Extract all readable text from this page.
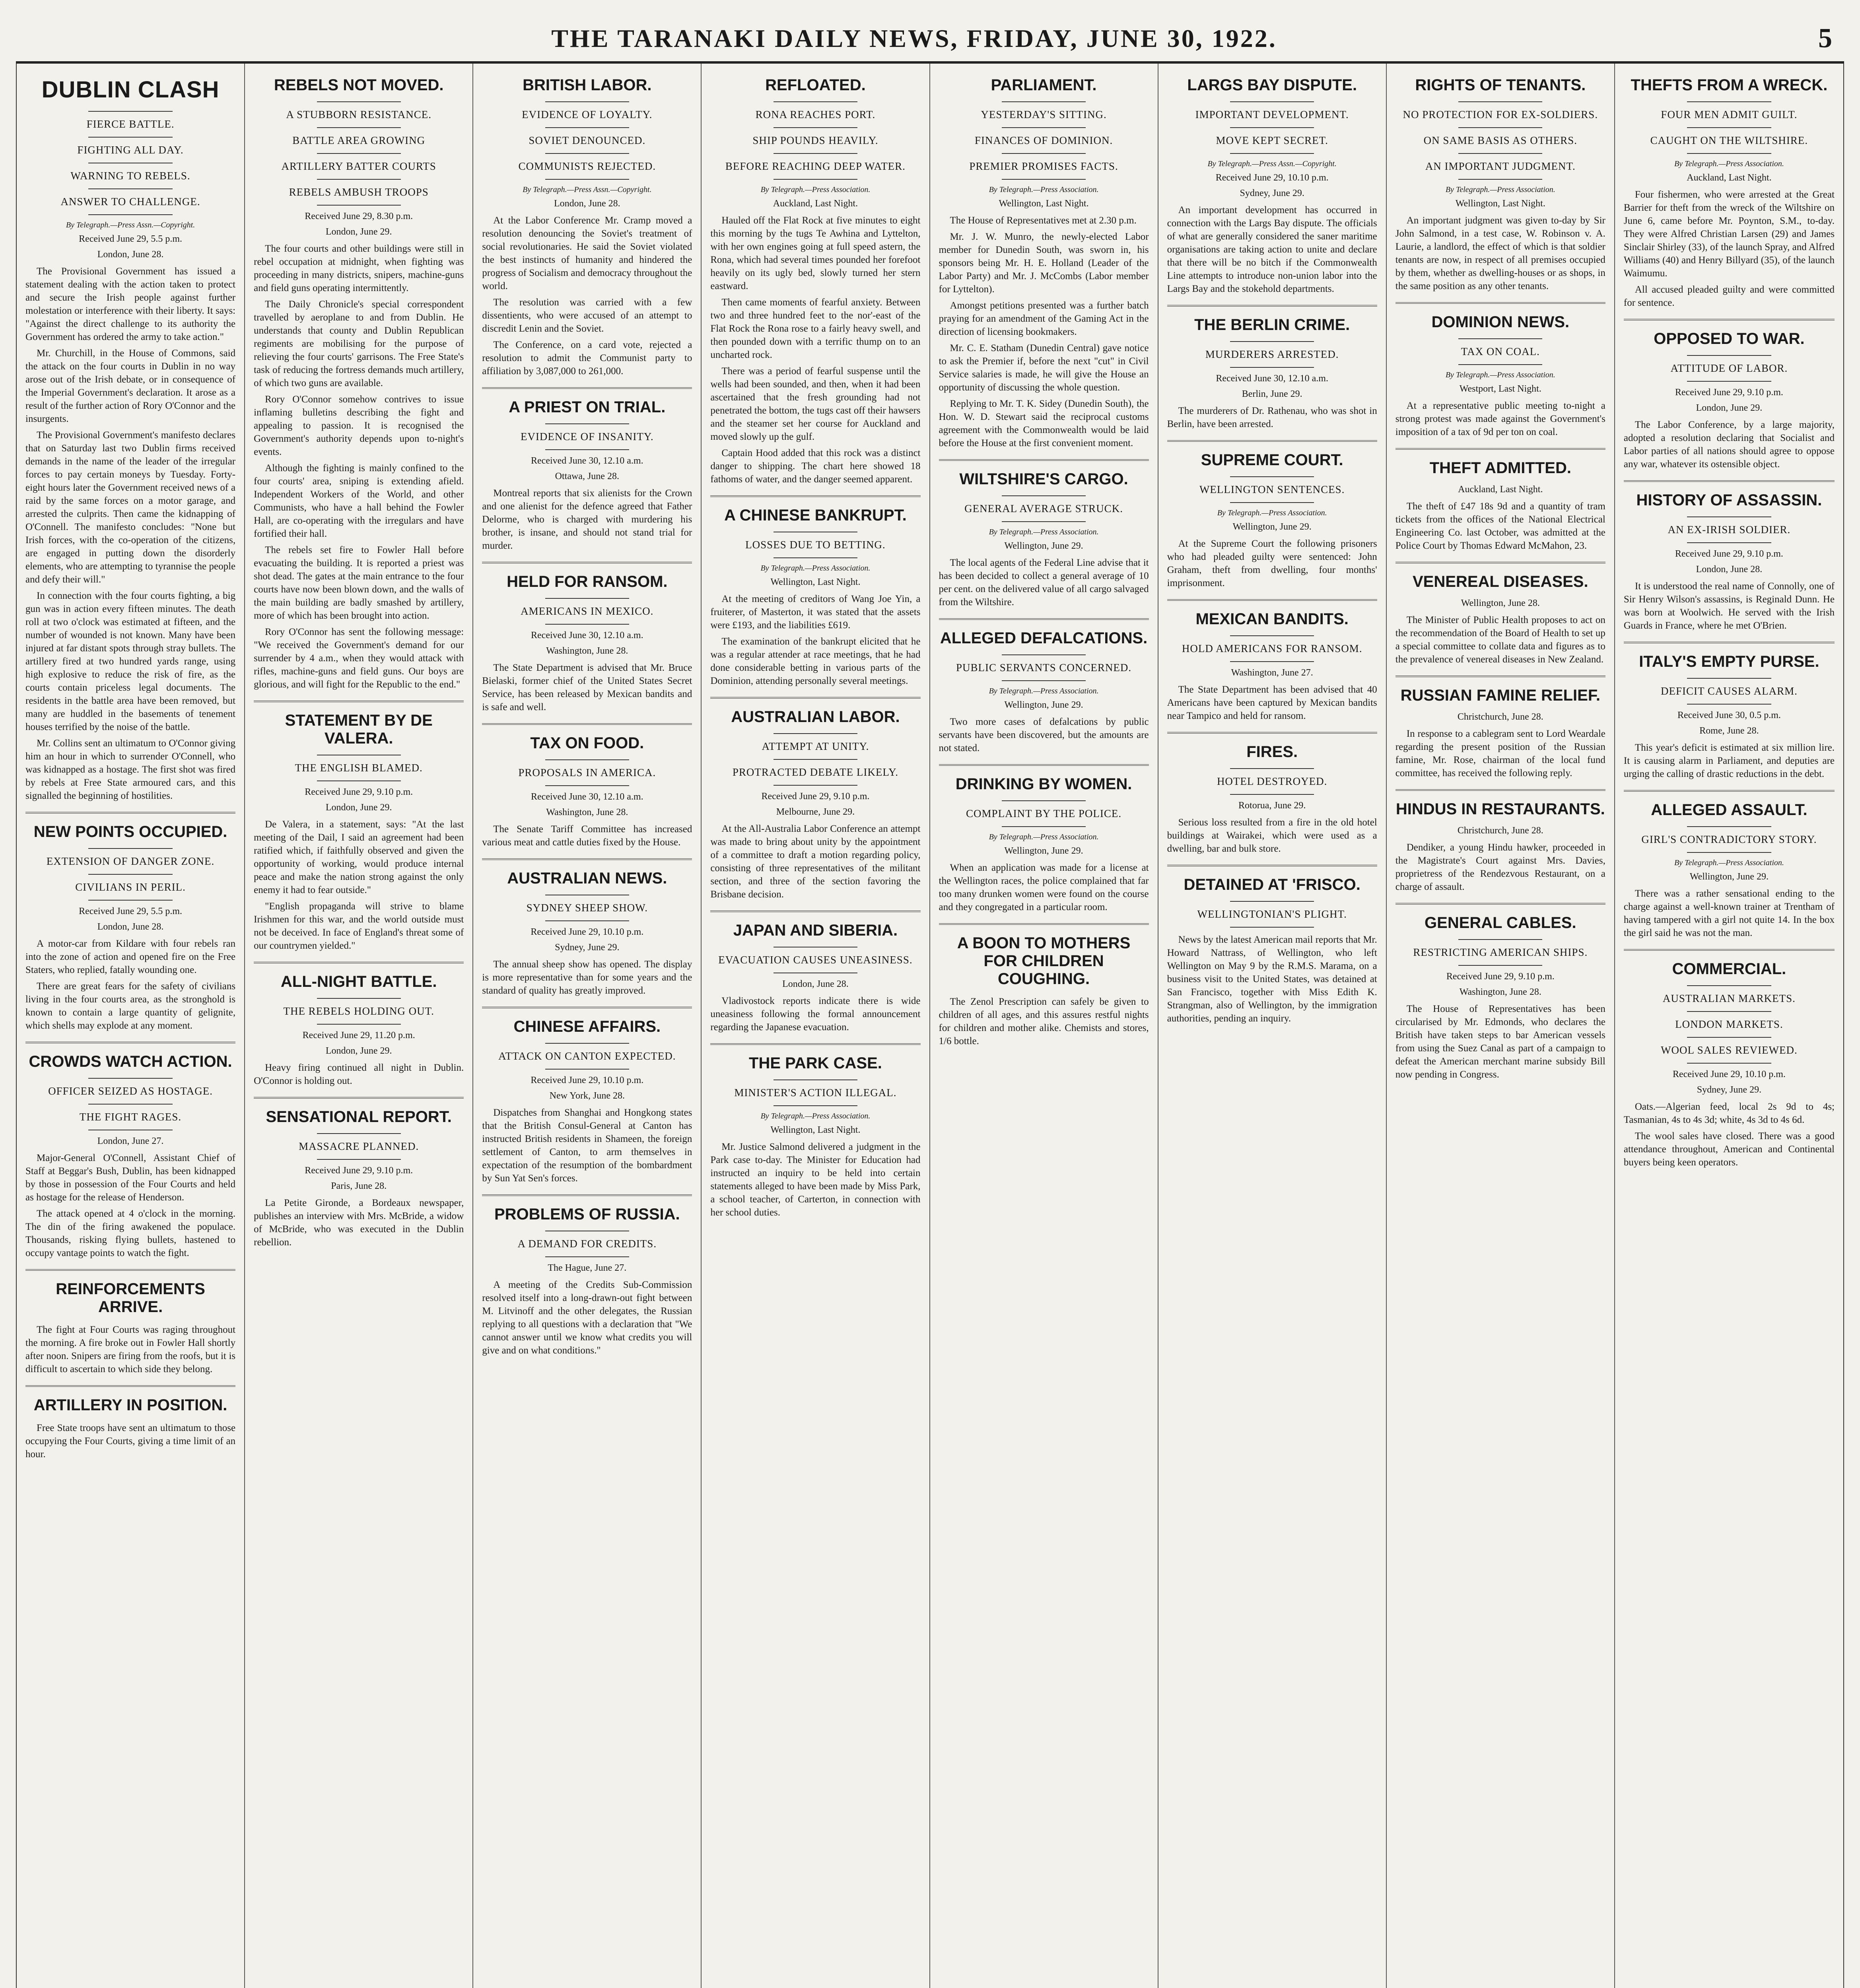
THE TARANAKI DAILY NEWS, FRIDAY, JUNE 30, 1922.	5
DUBLIN CLASH
FIERCE BATTLE.
FIGHTING ALL DAY.
WARNING TO REBELS.
ANSWER TO CHALLENGE.
By Telegraph.—Press Assn.—Copyright.
Received June 29, 5.5 p.m.
London, June 28.

The Provisional Government has issued a statement dealing with the action taken to protect and secure the Irish people against further molestation or interference with their liberty. It says: "Against the direct challenge to its authority the Government has ordered the army to take action."

Mr. Churchill, in the House of Commons, said the attack on the four courts in Dublin in no way arose out of the Irish debate, or in consequence of the Imperial Government's declaration. It arose as a result of the further action of Rory O'Connor and the insurgents.

The Provisional Government's manifesto declares that on Saturday last two Dublin firms received demands in the name of the leader of the irregular forces to pay certain moneys by Tuesday. Forty-eight hours later the Government received news of a raid by the same forces on a motor garage, and arrested the culprits. Then came the kidnapping of O'Connell. The manifesto concludes: "None but Irish forces, with the co-operation of the citizens, are engaged in putting down the disorderly elements, who are attempting to tyrannise the people and defy their will."

In connection with the four courts fighting, a big gun was in action every fifteen minutes. The death roll at two o'clock was estimated at fifteen, and the number of wounded is not known. Many have been injured at far distant spots through stray bullets. The artillery fired at two hundred yards range, using high explosive to reduce the risk of fire, as the courts contain priceless legal documents. The residents in the battle area have been removed, but many are huddled in the basements of tenement houses terrified by the noise of the battle.

Mr. Collins sent an ultimatum to O'Connor giving him an hour in which to surrender O'Connell, who was kidnapped as a hostage. The first shot was fired by rebels at Free State armoured cars, and this signalled the beginning of hostilities.

NEW POINTS OCCUPIED.
EXTENSION OF DANGER ZONE.
CIVILIANS IN PERIL.
Received June 29, 5.5 p.m.
London, June 28.

A motor-car from Kildare with four rebels ran into the zone of action and opened fire on the Free Staters, who replied, fatally wounding one.

There are great fears for the safety of civilians living in the four courts area, as the stronghold is known to contain a large quantity of gelignite, which shells may explode at any moment.

CROWDS WATCH ACTION.
OFFICER SEIZED AS HOSTAGE.
THE FIGHT RAGES.
London, June 27.

Major-General O'Connell, Assistant Chief of Staff at Beggar's Bush, Dublin, has been kidnapped by those in possession of the Four Courts and held as hostage for the release of Henderson.

The attack opened at 4 o'clock in the morning. The din of the firing awakened the populace. Thousands, risking flying bullets, hastened to occupy vantage points to watch the fight.

REINFORCEMENTS ARRIVE.

The fight at Four Courts was raging throughout the morning. A fire broke out in Fowler Hall shortly after noon. Snipers are firing from the roofs, but it is difficult to ascertain to which side they belong.

ARTILLERY IN POSITION.

Free State troops have sent an ultimatum to those occupying the Four Courts, giving a time limit of an hour.

REBELS NOT MOVED.
A STUBBORN RESISTANCE.
BATTLE AREA GROWING
ARTILLERY BATTER COURTS
REBELS AMBUSH TROOPS
Received June 29, 8.30 p.m.
London, June 29.

The four courts and other buildings were still in rebel occupation at midnight, when fighting was proceeding in many districts, snipers, machine-guns and field guns operating intermittently.

The Daily Chronicle's special correspondent travelled by aeroplane to and from Dublin. He understands that county and Dublin Republican regiments are mobilising for the purpose of relieving the four courts' garrisons. The Free State's task of reducing the fortress demands much artillery, of which two guns are available.

Rory O'Connor somehow contrives to issue inflaming bulletins describing the fight and appealing to passion. It is recognised the Government's authority depends upon to-night's events.

Although the fighting is mainly confined to the four courts' area, sniping is extending afield. Independent Workers of the World, and other Communists, who have a hall behind the Fowler Hall, are co-operating with the irregulars and have fortified their hall.

The rebels set fire to Fowler Hall before evacuating the building. It is reported a priest was shot dead. The gates at the main entrance to the four courts have now been blown down, and the walls of the main building are badly smashed by artillery, more of which has been brought into action.

Rory O'Connor has sent the following message: "We received the Government's demand for our surrender by 4 a.m., when they would attack with rifles, machine-guns and field guns. Our boys are glorious, and will fight for the Republic to the end."

STATEMENT BY DE VALERA.
THE ENGLISH BLAMED.
Received June 29, 9.10 p.m.
London, June 29.

De Valera, in a statement, says: "At the last meeting of the Dail, I said an agreement had been ratified which, if faithfully observed and given the opportunity of working, would produce internal peace and make the nation strong against the only enemy it had to fear outside."

"English propaganda will strive to blame Irishmen for this war, and the world outside must not be deceived. In face of England's threat some of our countrymen yielded."

ALL-NIGHT BATTLE.
THE REBELS HOLDING OUT.
Received June 29, 11.20 p.m.
London, June 29.

Heavy firing continued all night in Dublin. O'Connor is holding out.

SENSATIONAL REPORT.
MASSACRE PLANNED.
Received June 29, 9.10 p.m.
Paris, June 28.

La Petite Gironde, a Bordeaux newspaper, publishes an interview with Mrs. McBride, a widow of McBride, who was executed in the Dublin rebellion.

BRITISH LABOR.
EVIDENCE OF LOYALTY.
SOVIET DENOUNCED.
COMMUNISTS REJECTED.
By Telegraph.—Press Assn.—Copyright.
London, June 28.

At the Labor Conference Mr. Cramp moved a resolution denouncing the Soviet's treatment of social revolutionaries. He said the Soviet violated the best instincts of humanity and hindered the progress of Socialism and democracy throughout the world.

The resolution was carried with a few dissentients, who were accused of an attempt to discredit Lenin and the Soviet.

The Conference, on a card vote, rejected a resolution to admit the Communist party to affiliation by 3,087,000 to 261,000.

A PRIEST ON TRIAL.
EVIDENCE OF INSANITY.
Received June 30, 12.10 a.m.
Ottawa, June 28.

Montreal reports that six alienists for the Crown and one alienist for the defence agreed that Father Delorme, who is charged with murdering his brother, is insane, and should not stand trial for murder.

HELD FOR RANSOM.
AMERICANS IN MEXICO.
Received June 30, 12.10 a.m.
Washington, June 28.

The State Department is advised that Mr. Bruce Bielaski, former chief of the United States Secret Service, has been released by Mexican bandits and is safe and well.

TAX ON FOOD.
PROPOSALS IN AMERICA.
Received June 30, 12.10 a.m.
Washington, June 28.

The Senate Tariff Committee has increased various meat and cattle duties fixed by the House.

AUSTRALIAN NEWS.
SYDNEY SHEEP SHOW.
Received June 29, 10.10 p.m.
Sydney, June 29.

The annual sheep show has opened. The display is more representative than for some years and the standard of quality has greatly improved.

CHINESE AFFAIRS.
ATTACK ON CANTON EXPECTED.
Received June 29, 10.10 p.m.
New York, June 28.

Dispatches from Shanghai and Hongkong states that the British Consul-General at Canton has instructed British residents in Shameen, the foreign settlement of Canton, to arm themselves in expectation of the resumption of the bombardment by Sun Yat Sen's forces.

PROBLEMS OF RUSSIA.
A DEMAND FOR CREDITS.
The Hague, June 27.

A meeting of the Credits Sub-Commission resolved itself into a long-drawn-out fight between M. Litvinoff and the other delegates, the Russian replying to all questions with a declaration that "We cannot answer until we know what credits you will give and on what conditions."

REFLOATED.
RONA REACHES PORT.
SHIP POUNDS HEAVILY.
BEFORE REACHING DEEP WATER.
By Telegraph.—Press Association.
Auckland, Last Night.

Hauled off the Flat Rock at five minutes to eight this morning by the tugs Te Awhina and Lyttelton, with her own engines going at full speed astern, the Rona, which had several times pounded her forefoot heavily on its ugly bed, slowly turned her stern eastward.

Then came moments of fearful anxiety. Between two and three hundred feet to the nor'-east of the Flat Rock the Rona rose to a fairly heavy swell, and then pounded down with a terrific thump on to an uncharted rock.

There was a period of fearful suspense until the wells had been sounded, and then, when it had been ascertained that the fresh grounding had not penetrated the bottom, the tugs cast off their hawsers and the steamer set her course for Auckland and moved slowly up the gulf.

Captain Hood added that this rock was a distinct danger to shipping. The chart here showed 18 fathoms of water, and the danger seemed apparent.

A CHINESE BANKRUPT.
LOSSES DUE TO BETTING.
By Telegraph.—Press Association.
Wellington, Last Night.

At the meeting of creditors of Wang Joe Yin, a fruiterer, of Masterton, it was stated that the assets were £193, and the liabilities £619.

The examination of the bankrupt elicited that he was a regular attender at race meetings, that he had done considerable betting in various parts of the Dominion, attending personally several meetings.

AUSTRALIAN LABOR.
ATTEMPT AT UNITY.
PROTRACTED DEBATE LIKELY.
Received June 29, 9.10 p.m.
Melbourne, June 29.

At the All-Australia Labor Conference an attempt was made to bring about unity by the appointment of a committee to draft a motion regarding policy, consisting of three representatives of the militant section, and three of the section favoring the Brisbane decision.

JAPAN AND SIBERIA.
EVACUATION CAUSES UNEASINESS.
London, June 28.

Vladivostock reports indicate there is wide uneasiness following the formal announcement regarding the Japanese evacuation.

THE PARK CASE.
MINISTER'S ACTION ILLEGAL.
By Telegraph.—Press Association.
Wellington, Last Night.

Mr. Justice Salmond delivered a judgment in the Park case to-day. The Minister for Education had instructed an inquiry to be held into certain statements alleged to have been made by Miss Park, a school teacher, of Carterton, in connection with her school duties.

PARLIAMENT.
YESTERDAY'S SITTING.
FINANCES OF DOMINION.
PREMIER PROMISES FACTS.
By Telegraph.—Press Association.
Wellington, Last Night.

The House of Representatives met at 2.30 p.m.

Mr. J. W. Munro, the newly-elected Labor member for Dunedin South, was sworn in, his sponsors being Mr. H. E. Holland (Leader of the Labor Party) and Mr. J. McCombs (Labor member for Lyttelton).

Amongst petitions presented was a further batch praying for an amendment of the Gaming Act in the direction of licensing bookmakers.

Mr. C. E. Statham (Dunedin Central) gave notice to ask the Premier if, before the next "cut" in Civil Service salaries is made, he will give the House an opportunity of discussing the whole question.

Replying to Mr. T. K. Sidey (Dunedin South), the Hon. W. D. Stewart said the reciprocal customs agreement with the Commonwealth would be laid before the House at the first convenient moment.

WILTSHIRE'S CARGO.
GENERAL AVERAGE STRUCK.
By Telegraph.—Press Association.
Wellington, June 29.

The local agents of the Federal Line advise that it has been decided to collect a general average of 10 per cent. on the delivered value of all cargo salvaged from the Wiltshire.

ALLEGED DEFALCATIONS.
PUBLIC SERVANTS CONCERNED.
By Telegraph.—Press Association.
Wellington, June 29.

Two more cases of defalcations by public servants have been discovered, but the amounts are not stated.

DRINKING BY WOMEN.
COMPLAINT BY THE POLICE.
By Telegraph.—Press Association.
Wellington, June 29.

When an application was made for a license at the Wellington races, the police complained that far too many drunken women were found on the course and they congregated in a particular room.

A BOON TO MOTHERS FOR CHILDREN COUGHING.

The Zenol Prescription can safely be given to children of all ages, and this assures restful nights for children and mother alike. Chemists and stores, 1/6 bottle.

LARGS BAY DISPUTE.
IMPORTANT DEVELOPMENT.
MOVE KEPT SECRET.
By Telegraph.—Press Assn.—Copyright.
Received June 29, 10.10 p.m.
Sydney, June 29.

An important development has occurred in connection with the Largs Bay dispute. The officials of what are generally considered the saner maritime organisations are taking action to unite and declare that there will be no bitch if the Commonwealth Line attempts to introduce non-union labor into the Largs Bay and the stokehold departments.

THE BERLIN CRIME.
MURDERERS ARRESTED.
Received June 30, 12.10 a.m.
Berlin, June 29.

The murderers of Dr. Rathenau, who was shot in Berlin, have been arrested.

SUPREME COURT.
WELLINGTON SENTENCES.
By Telegraph.—Press Association.
Wellington, June 29.

At the Supreme Court the following prisoners who had pleaded guilty were sentenced: John Graham, theft from dwelling, four months' imprisonment.

MEXICAN BANDITS.
HOLD AMERICANS FOR RANSOM.
Washington, June 27.

The State Department has been advised that 40 Americans have been captured by Mexican bandits near Tampico and held for ransom.

FIRES.
HOTEL DESTROYED.
Rotorua, June 29.

Serious loss resulted from a fire in the old hotel buildings at Wairakei, which were used as a dwelling, bar and bulk store.

DETAINED AT 'FRISCO.
WELLINGTONIAN'S PLIGHT.

News by the latest American mail reports that Mr. Howard Nattrass, of Wellington, who left Wellington on May 9 by the R.M.S. Marama, on a business visit to the United States, was detained at San Francisco, together with Miss Edith K. Strangman, also of Wellington, by the immigration authorities, pending an inquiry.

RIGHTS OF TENANTS.
NO PROTECTION FOR EX-SOLDIERS.
ON SAME BASIS AS OTHERS.
AN IMPORTANT JUDGMENT.
By Telegraph.—Press Association.
Wellington, Last Night.

An important judgment was given to-day by Sir John Salmond, in a test case, W. Robinson v. A. Laurie, a landlord, the effect of which is that soldier tenants are now, in respect of all premises occupied by them, whether as dwelling-houses or as shops, in the same position as any other tenants.

DOMINION NEWS.
TAX ON COAL.
By Telegraph.—Press Association.
Westport, Last Night.

At a representative public meeting to-night a strong protest was made against the Government's imposition of a tax of 9d per ton on coal.

THEFT ADMITTED.
Auckland, Last Night.

The theft of £47 18s 9d and a quantity of tram tickets from the offices of the National Electrical Engineering Co. last October, was admitted at the Police Court by Thomas Edward McMahon, 23.

VENEREAL DISEASES.
Wellington, June 28.

The Minister of Public Health proposes to act on the recommendation of the Board of Health to set up a special committee to collate data and figures as to the prevalence of venereal diseases in New Zealand.

RUSSIAN FAMINE RELIEF.
Christchurch, June 28.

In response to a cablegram sent to Lord Weardale regarding the present position of the Russian famine, Mr. Rose, chairman of the local fund committee, has received the following reply.

HINDUS IN RESTAURANTS.
Christchurch, June 28.

Dendiker, a young Hindu hawker, proceeded in the Magistrate's Court against Mrs. Davies, proprietress of the Rendezvous Restaurant, on a charge of assault.

GENERAL CABLES.
RESTRICTING AMERICAN SHIPS.
Received June 29, 9.10 p.m.
Washington, June 28.

The House of Representatives has been circularised by Mr. Edmonds, who declares the British have taken steps to bar American vessels from using the Suez Canal as part of a campaign to defeat the American merchant marine subsidy Bill now pending in Congress.

THEFTS FROM A WRECK.
FOUR MEN ADMIT GUILT.
CAUGHT ON THE WILTSHIRE.
By Telegraph.—Press Association.
Auckland, Last Night.

Four fishermen, who were arrested at the Great Barrier for theft from the wreck of the Wiltshire on June 6, came before Mr. Poynton, S.M., to-day. They were Alfred Christian Larsen (29) and James Sinclair Shirley (33), of the launch Spray, and Alfred Williams (40) and Henry Billyard (35), of the launch Waimumu.

All accused pleaded guilty and were committed for sentence.

OPPOSED TO WAR.
ATTITUDE OF LABOR.
Received June 29, 9.10 p.m.
London, June 29.

The Labor Conference, by a large majority, adopted a resolution declaring that Socialist and Labor parties of all nations should agree to oppose any war, whatever its ostensible object.

HISTORY OF ASSASSIN.
AN EX-IRISH SOLDIER.
Received June 29, 9.10 p.m.
London, June 28.

It is understood the real name of Connolly, one of Sir Henry Wilson's assassins, is Reginald Dunn. He was born at Woolwich. He served with the Irish Guards in France, where he met O'Brien.

ITALY'S EMPTY PURSE.
DEFICIT CAUSES ALARM.
Received June 30, 0.5 p.m.
Rome, June 28.

This year's deficit is estimated at six million lire. It is causing alarm in Parliament, and deputies are urging the calling of drastic reductions in the debt.

ALLEGED ASSAULT.
GIRL'S CONTRADICTORY STORY.
By Telegraph.—Press Association.
Wellington, June 29.

There was a rather sensational ending to the charge against a well-known trainer at Trentham of having tampered with a girl not quite 14. In the box the girl said he was not the man.

COMMERCIAL.
AUSTRALIAN MARKETS.
LONDON MARKETS.
WOOL SALES REVIEWED.
Received June 29, 10.10 p.m.
Sydney, June 29.

Oats.—Algerian feed, local 2s 9d to 4s; Tasmanian, 4s to 4s 3d; white, 4s 3d to 4s 6d.

The wool sales have closed. There was a good attendance throughout, American and Continental buyers being keen operators.
